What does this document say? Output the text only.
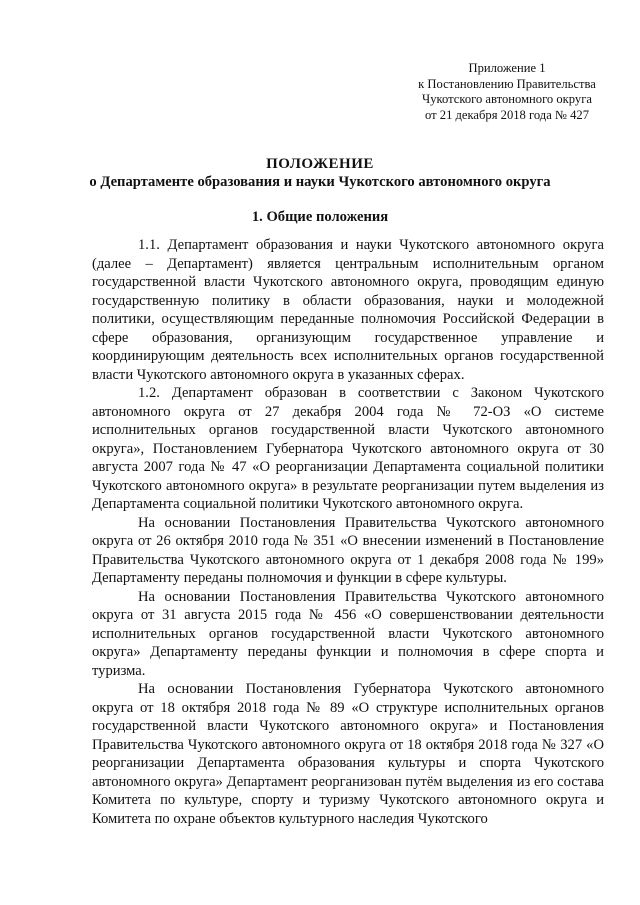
Приложение 1
к Постановлению Правительства
Чукотского автономного округа
от 21 декабря 2018 года № 427
ПОЛОЖЕНИЕ
о Департаменте образования и науки Чукотского автономного округа
1. Общие положения

1.1. Департамент образования и науки Чукотского автономного округа (далее – Департамент) является центральным исполнительным органом государственной власти Чукотского автономного округа, проводящим единую государственную политику в области образования, науки и молодежной политики, осуществляющим переданные полномочия Российской Федерации в сфере образования, организующим государственное управление и координирующим деятельность всех исполнительных органов государственной власти Чукотского автономного округа в указанных сферах.

1.2. Департамент образован в соответствии с Законом Чукотского автономного округа от 27 декабря 2004 года № 72-ОЗ «О системе исполнительных органов государственной власти Чукотского автономного округа», Постановлением Губернатора Чукотского автономного округа от 30 августа 2007 года № 47 «О реорганизации Департамента социальной политики Чукотского автономного округа» в результате реорганизации путем выделения из Департамента социальной политики Чукотского автономного округа.

На основании Постановления Правительства Чукотского автономного округа от 26 октября 2010 года № 351 «О внесении изменений в Постановление Правительства Чукотского автономного округа от 1 декабря 2008 года № 199» Департаменту переданы полномочия и функции в сфере культуры.

На основании Постановления Правительства Чукотского автономного округа от 31 августа 2015 года № 456 «О совершенствовании деятельности исполнительных органов государственной власти Чукотского автономного округа» Департаменту переданы функции и полномочия в сфере спорта и туризма.

На основании Постановления Губернатора Чукотского автономного округа от 18 октября 2018 года № 89 «О структуре исполнительных органов государственной власти Чукотского автономного округа» и Постановления Правительства Чукотского автономного округа от 18 октября 2018 года № 327 «О реорганизации Департамента образования культуры и спорта Чукотского автономного округа» Департамент реорганизован путём выделения из его состава Комитета по культуре, спорту и туризму Чукотского автономного округа и Комитета по охране объектов культурного наследия Чукотского
